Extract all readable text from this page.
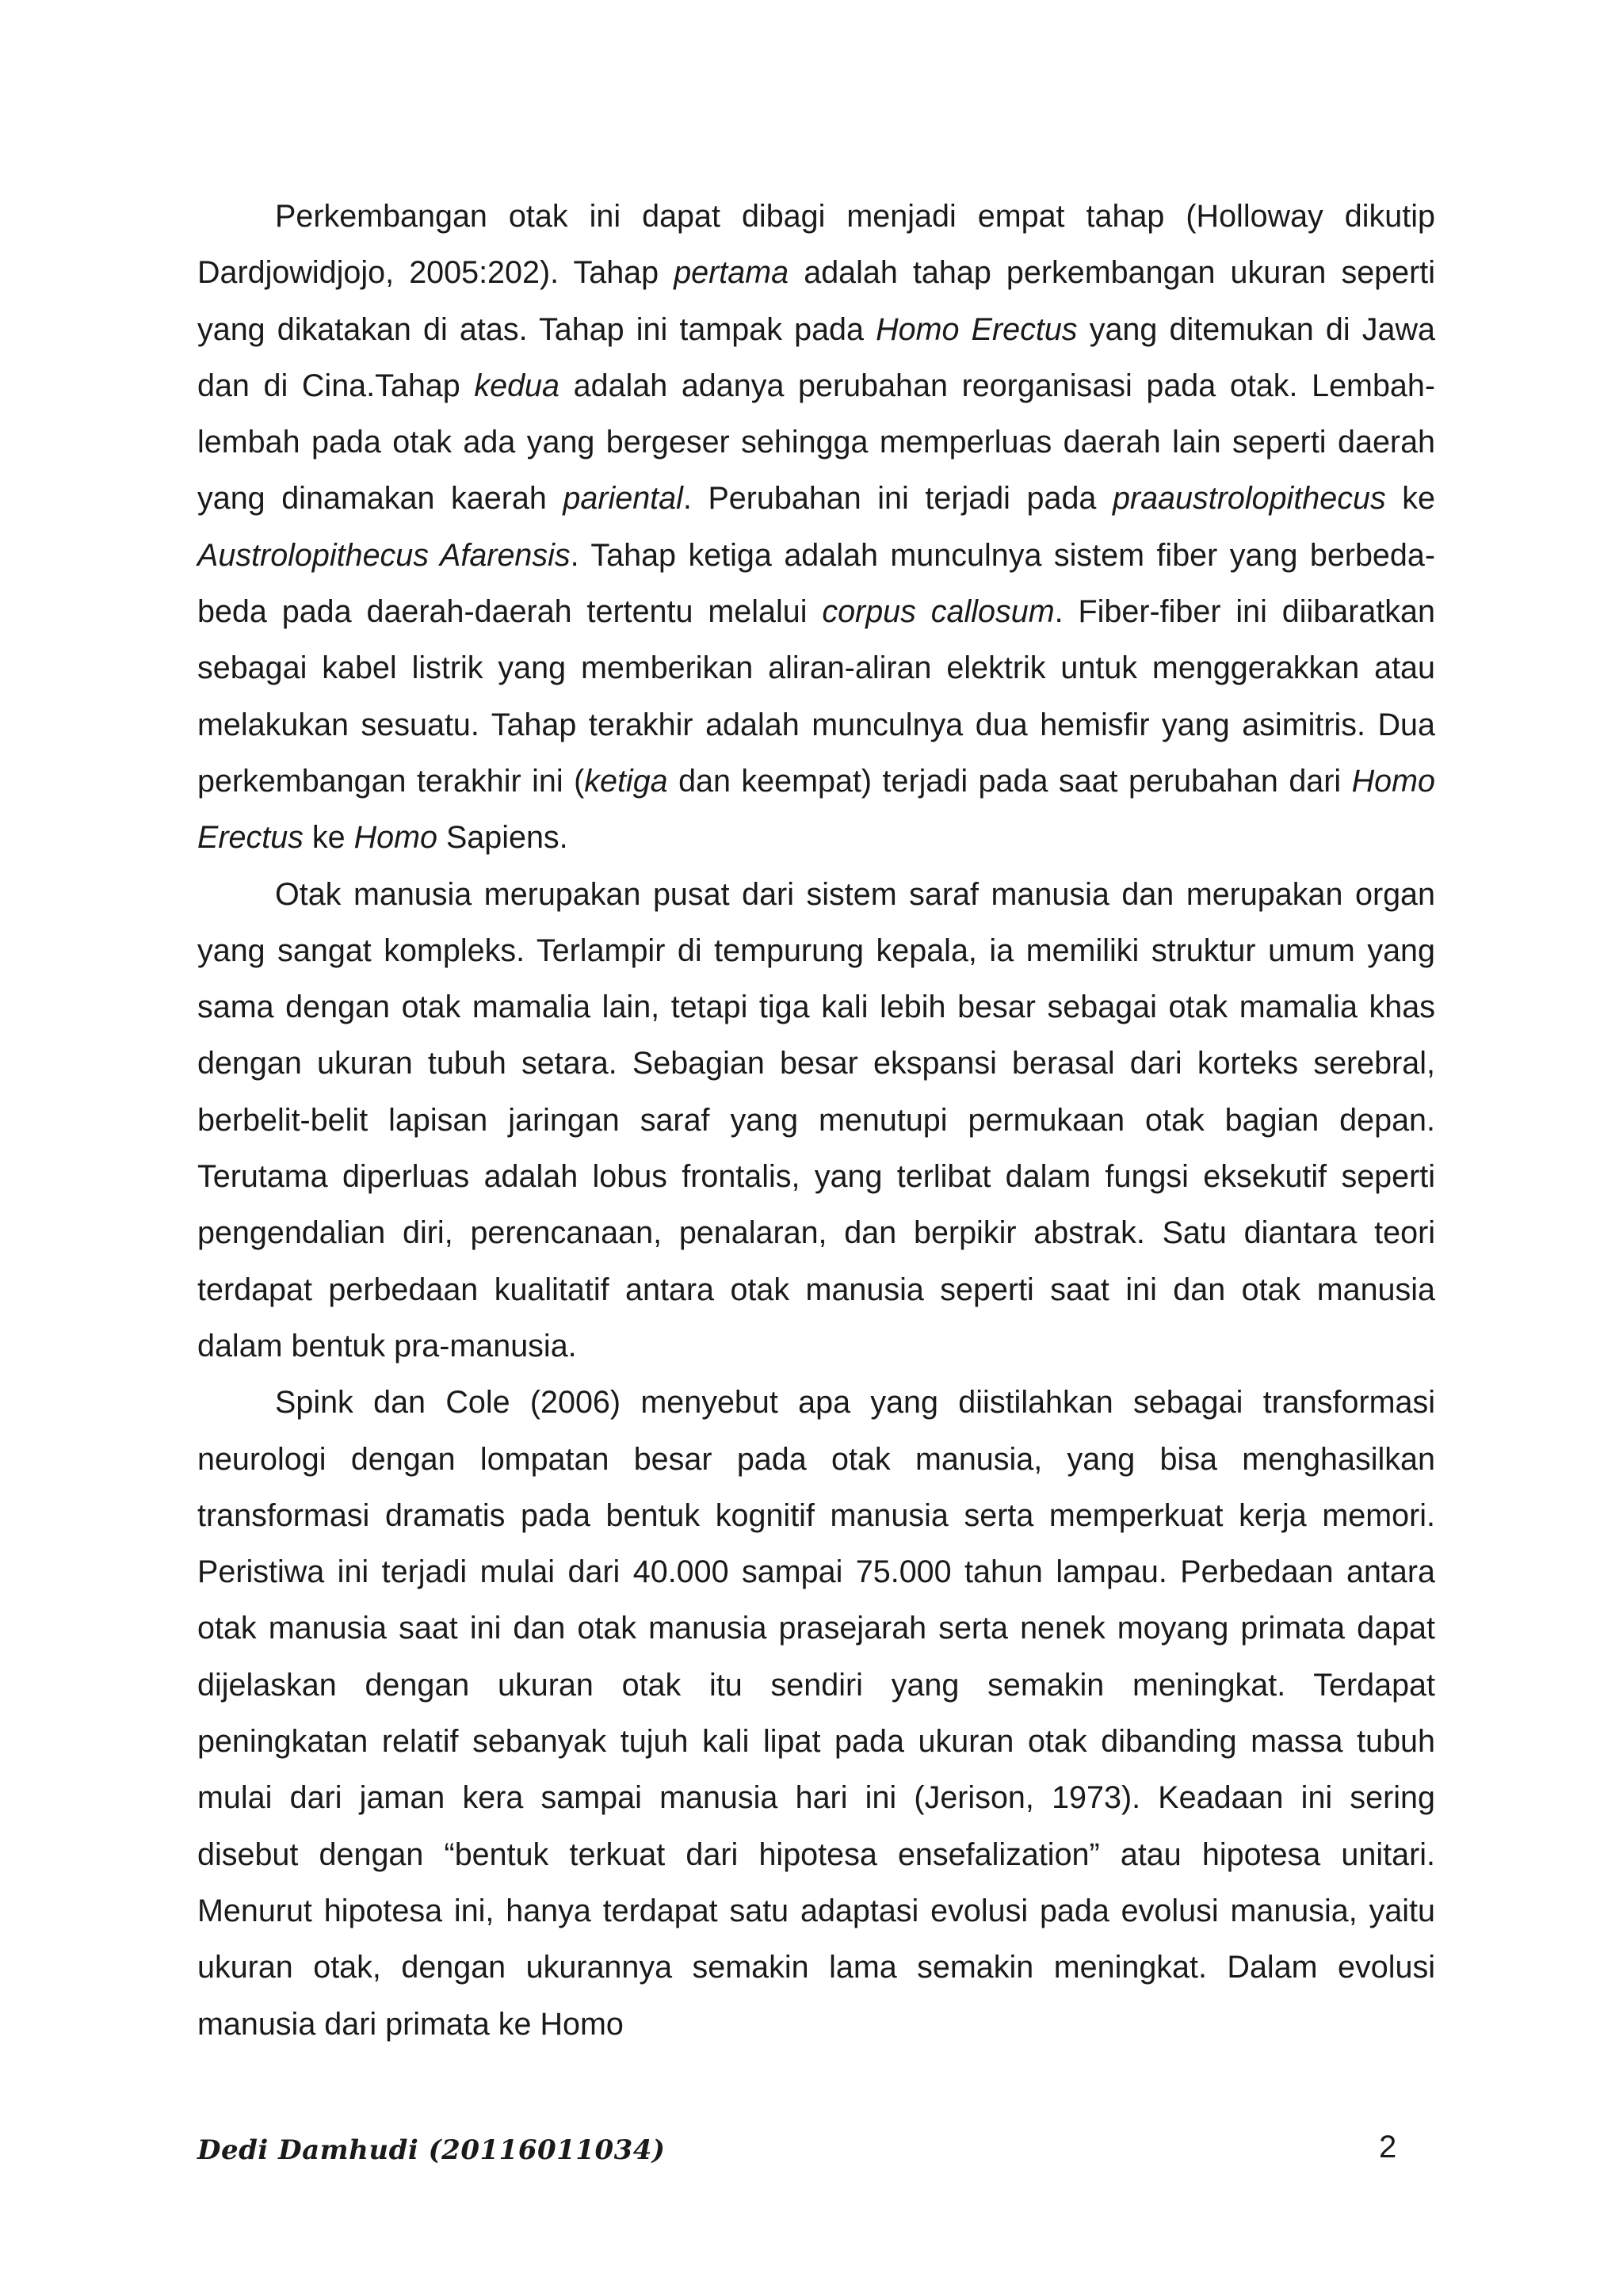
Perkembangan otak ini dapat dibagi menjadi empat tahap (Holloway dikutip Dardjowidjojo, 2005:202). Tahap pertama adalah tahap perkembangan ukuran seperti yang dikatakan di atas. Tahap ini tampak pada Homo Erectus yang ditemukan di Jawa dan di Cina.Tahap kedua adalah adanya perubahan reorganisasi pada otak. Lembah-lembah pada otak ada yang bergeser sehingga memperluas daerah lain seperti daerah yang dinamakan kaerah pariental. Perubahan ini terjadi pada praaustrolopithecus ke Austrolopithecus Afarensis. Tahap ketiga adalah munculnya sistem fiber yang berbeda-beda pada daerah-daerah tertentu melalui corpus callosum. Fiber-fiber ini diibaratkan sebagai kabel listrik yang memberikan aliran-aliran elektrik untuk menggerakkan atau melakukan sesuatu. Tahap terakhir adalah munculnya dua hemisfir yang asimitris. Dua perkembangan terakhir ini (ketiga dan keempat) terjadi pada saat perubahan dari Homo Erectus ke Homo Sapiens.

Otak manusia merupakan pusat dari sistem saraf manusia dan merupakan organ yang sangat kompleks. Terlampir di tempurung kepala, ia memiliki struktur umum yang sama dengan otak mamalia lain, tetapi tiga kali lebih besar sebagai otak mamalia khas dengan ukuran tubuh setara. Sebagian besar ekspansi berasal dari korteks serebral, berbelit-belit lapisan jaringan saraf yang menutupi permukaan otak bagian depan. Terutama diperluas adalah lobus frontalis, yang terlibat dalam fungsi eksekutif seperti pengendalian diri, perencanaan, penalaran, dan berpikir abstrak. Satu diantara teori terdapat perbedaan kualitatif antara otak manusia seperti saat ini dan otak manusia dalam bentuk pra-manusia.

Spink dan Cole (2006) menyebut apa yang diistilahkan sebagai transformasi neurologi dengan lompatan besar pada otak manusia, yang bisa menghasilkan transformasi dramatis pada bentuk kognitif manusia serta memperkuat kerja memori. Peristiwa ini terjadi mulai dari 40.000 sampai 75.000 tahun lampau. Perbedaan antara otak manusia saat ini dan otak manusia prasejarah serta nenek moyang primata dapat dijelaskan dengan ukuran otak itu sendiri yang semakin meningkat. Terdapat peningkatan relatif sebanyak tujuh kali lipat pada ukuran otak dibanding massa tubuh mulai dari jaman kera sampai manusia hari ini (Jerison, 1973). Keadaan ini sering disebut dengan “bentuk terkuat dari hipotesa ensefalization” atau hipotesa unitari. Menurut hipotesa ini, hanya terdapat satu adaptasi evolusi pada evolusi manusia, yaitu ukuran otak, dengan ukurannya semakin lama semakin meningkat. Dalam evolusi manusia dari primata ke Homo

Dedi Damhudi (20116011034)	2
